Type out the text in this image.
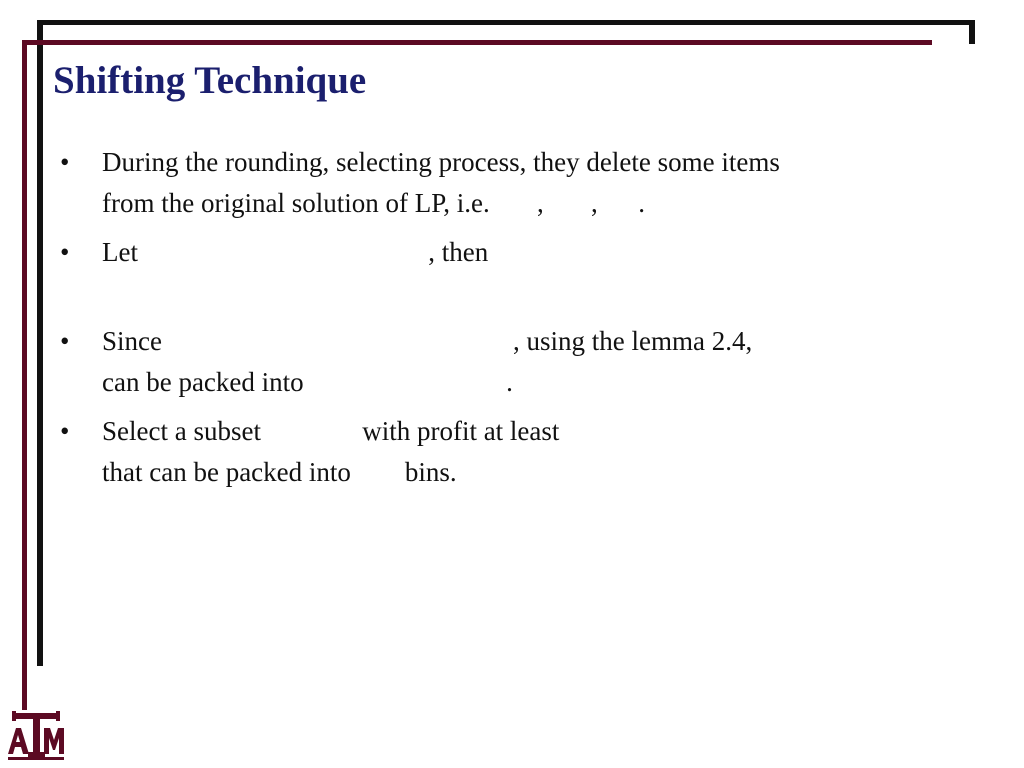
Shifting Technique
• During the rounding, selecting process, they delete some items
from the original solution of LP, i.e.       ,       ,      .
• Let                                           , then
• Since                                                    , using the lemma 2.4,
can be packed into                              .
• Select a subset               with profit at least
that can be packed into        bins.
